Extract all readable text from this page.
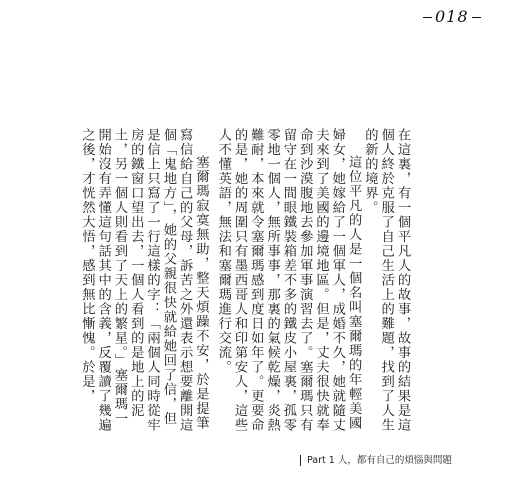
018

在這裏，有一個平凡人的故事，故事的結果是這個人終於克服了自己生活上的難題，找到了人生的新的境界。

這位平凡的人是一個名叫塞爾瑪的年輕美國婦女，她嫁給了一個軍人，成婚不久，她就隨丈夫來到了美國的邊境地區。但是，丈夫很快就奉命到沙漠腹地去參加軍事演習去了。塞爾瑪只有留守在一間眼鐵裝箱差不多的鐵皮小屋裏，孤零零地一個人，無所事事，那裏的氣候乾燥，炎熱難耐，本來就令塞爾瑪感到度日如年了。更要命的是，她的周圍只有墨西哥人和印第安人，這些人不懂英語，無法和塞爾瑪進行交流。

塞爾瑪寂寞無助，整天煩躁不安，於是提筆寫信給自己的父母，訴苦之外還表示想要離開這個「鬼地方」，她的父親很快就給她回了信，但是信上只寫了一行這樣的字：「兩個人同時從牢房的鐵窗口望出去，一個人看到的是地上的泥土，另一個人則看到了天上的繁星。」塞爾瑪一開始沒有弄懂這句話其中的含義，反覆讀了幾遍之後，才恍然大悟，感到無比慚愧。於是，

Part 1 人，都有自己的煩惱與問題
